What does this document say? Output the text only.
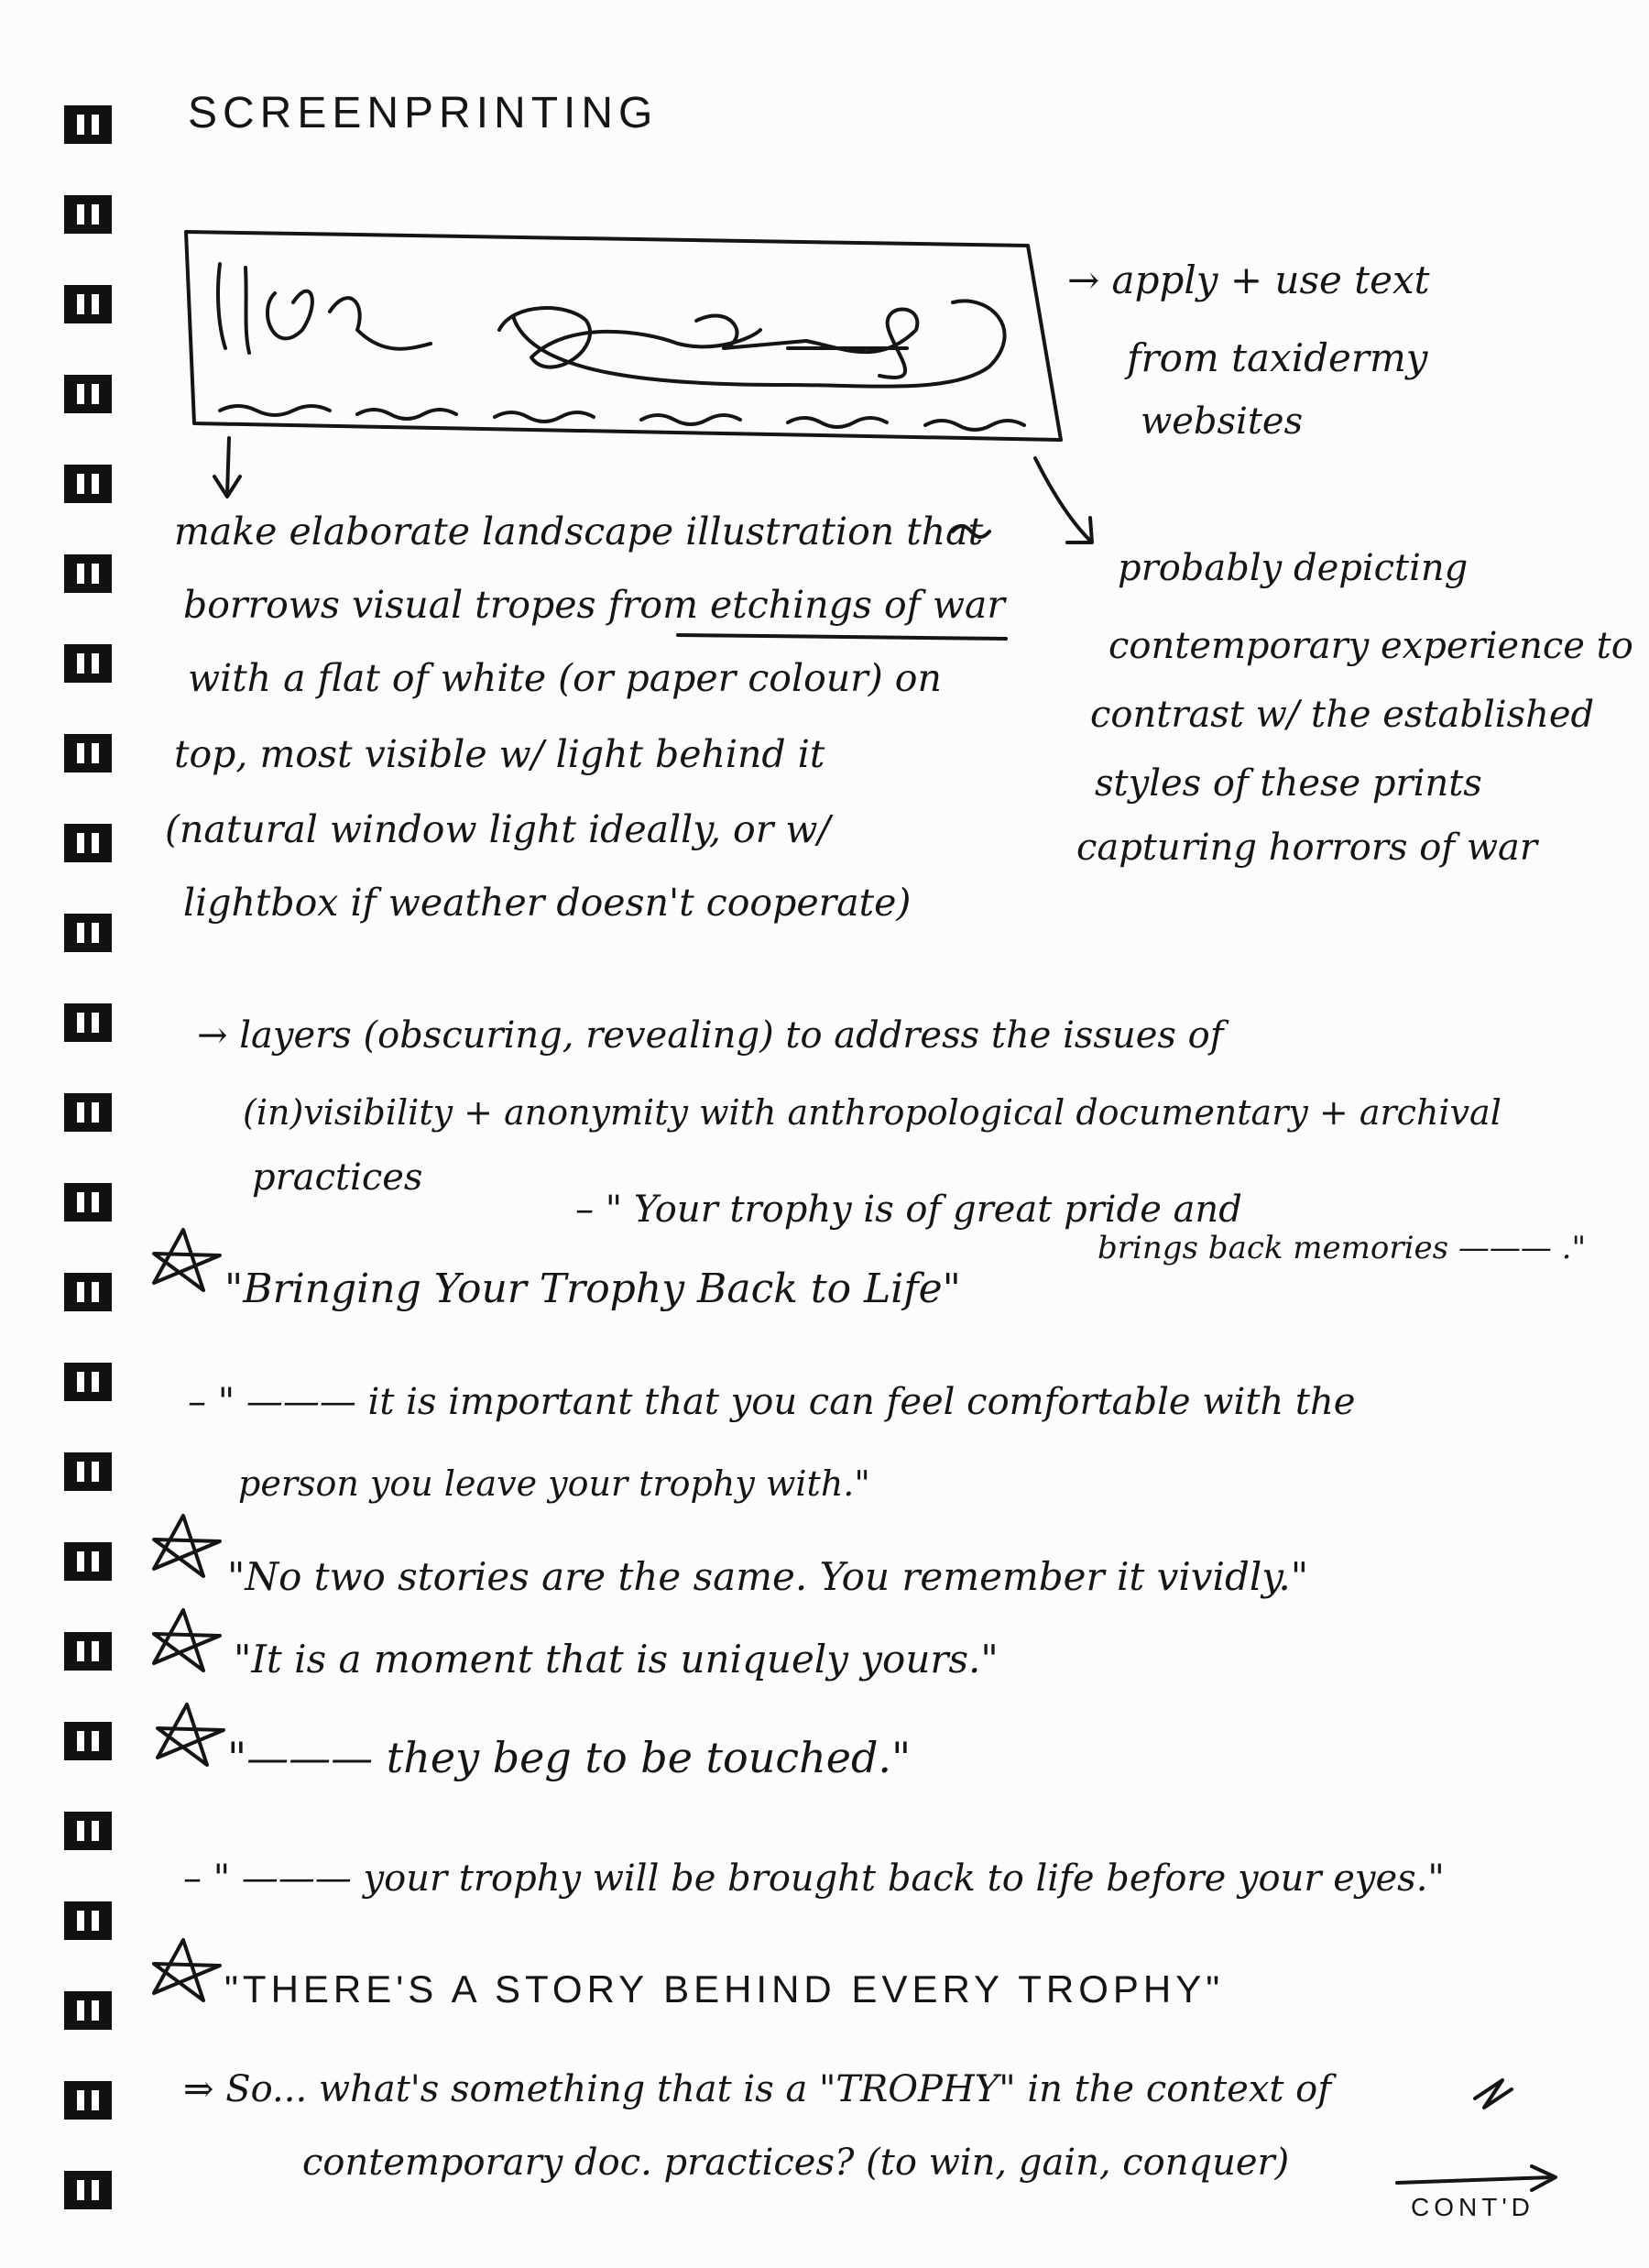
SCREENPRINTING
→ apply + use text
from taxidermy
websites
make elaborate landscape illustration that
borrows visual tropes from etchings of war
with a flat of white (or paper colour) on
top, most visible w/ light behind it
(natural window light ideally, or w/
lightbox if weather doesn't cooperate)
probably depicting
contemporary experience to
contrast w/ the established
styles of these prints
capturing horrors of war
→ layers (obscuring, revealing) to address the issues of
(in)visibility + anonymity with anthropological documentary + archival
practices
– " Your trophy is of great pride and
brings back memories ——— ."
"Bringing Your Trophy Back to Life"
– " ——— it is important that you can feel comfortable with the
person you leave your trophy with."
"No two stories are the same. You remember it vividly."
"It is a moment that is uniquely yours."
"——— they beg to be touched."
– " ——— your trophy will be brought back to life before your eyes."
"THERE'S A STORY BEHIND EVERY TROPHY"
⇒ So... what's something that is a "TROPHY" in the context of
contemporary doc. practices? (to win, gain, conquer)
CONT'D
